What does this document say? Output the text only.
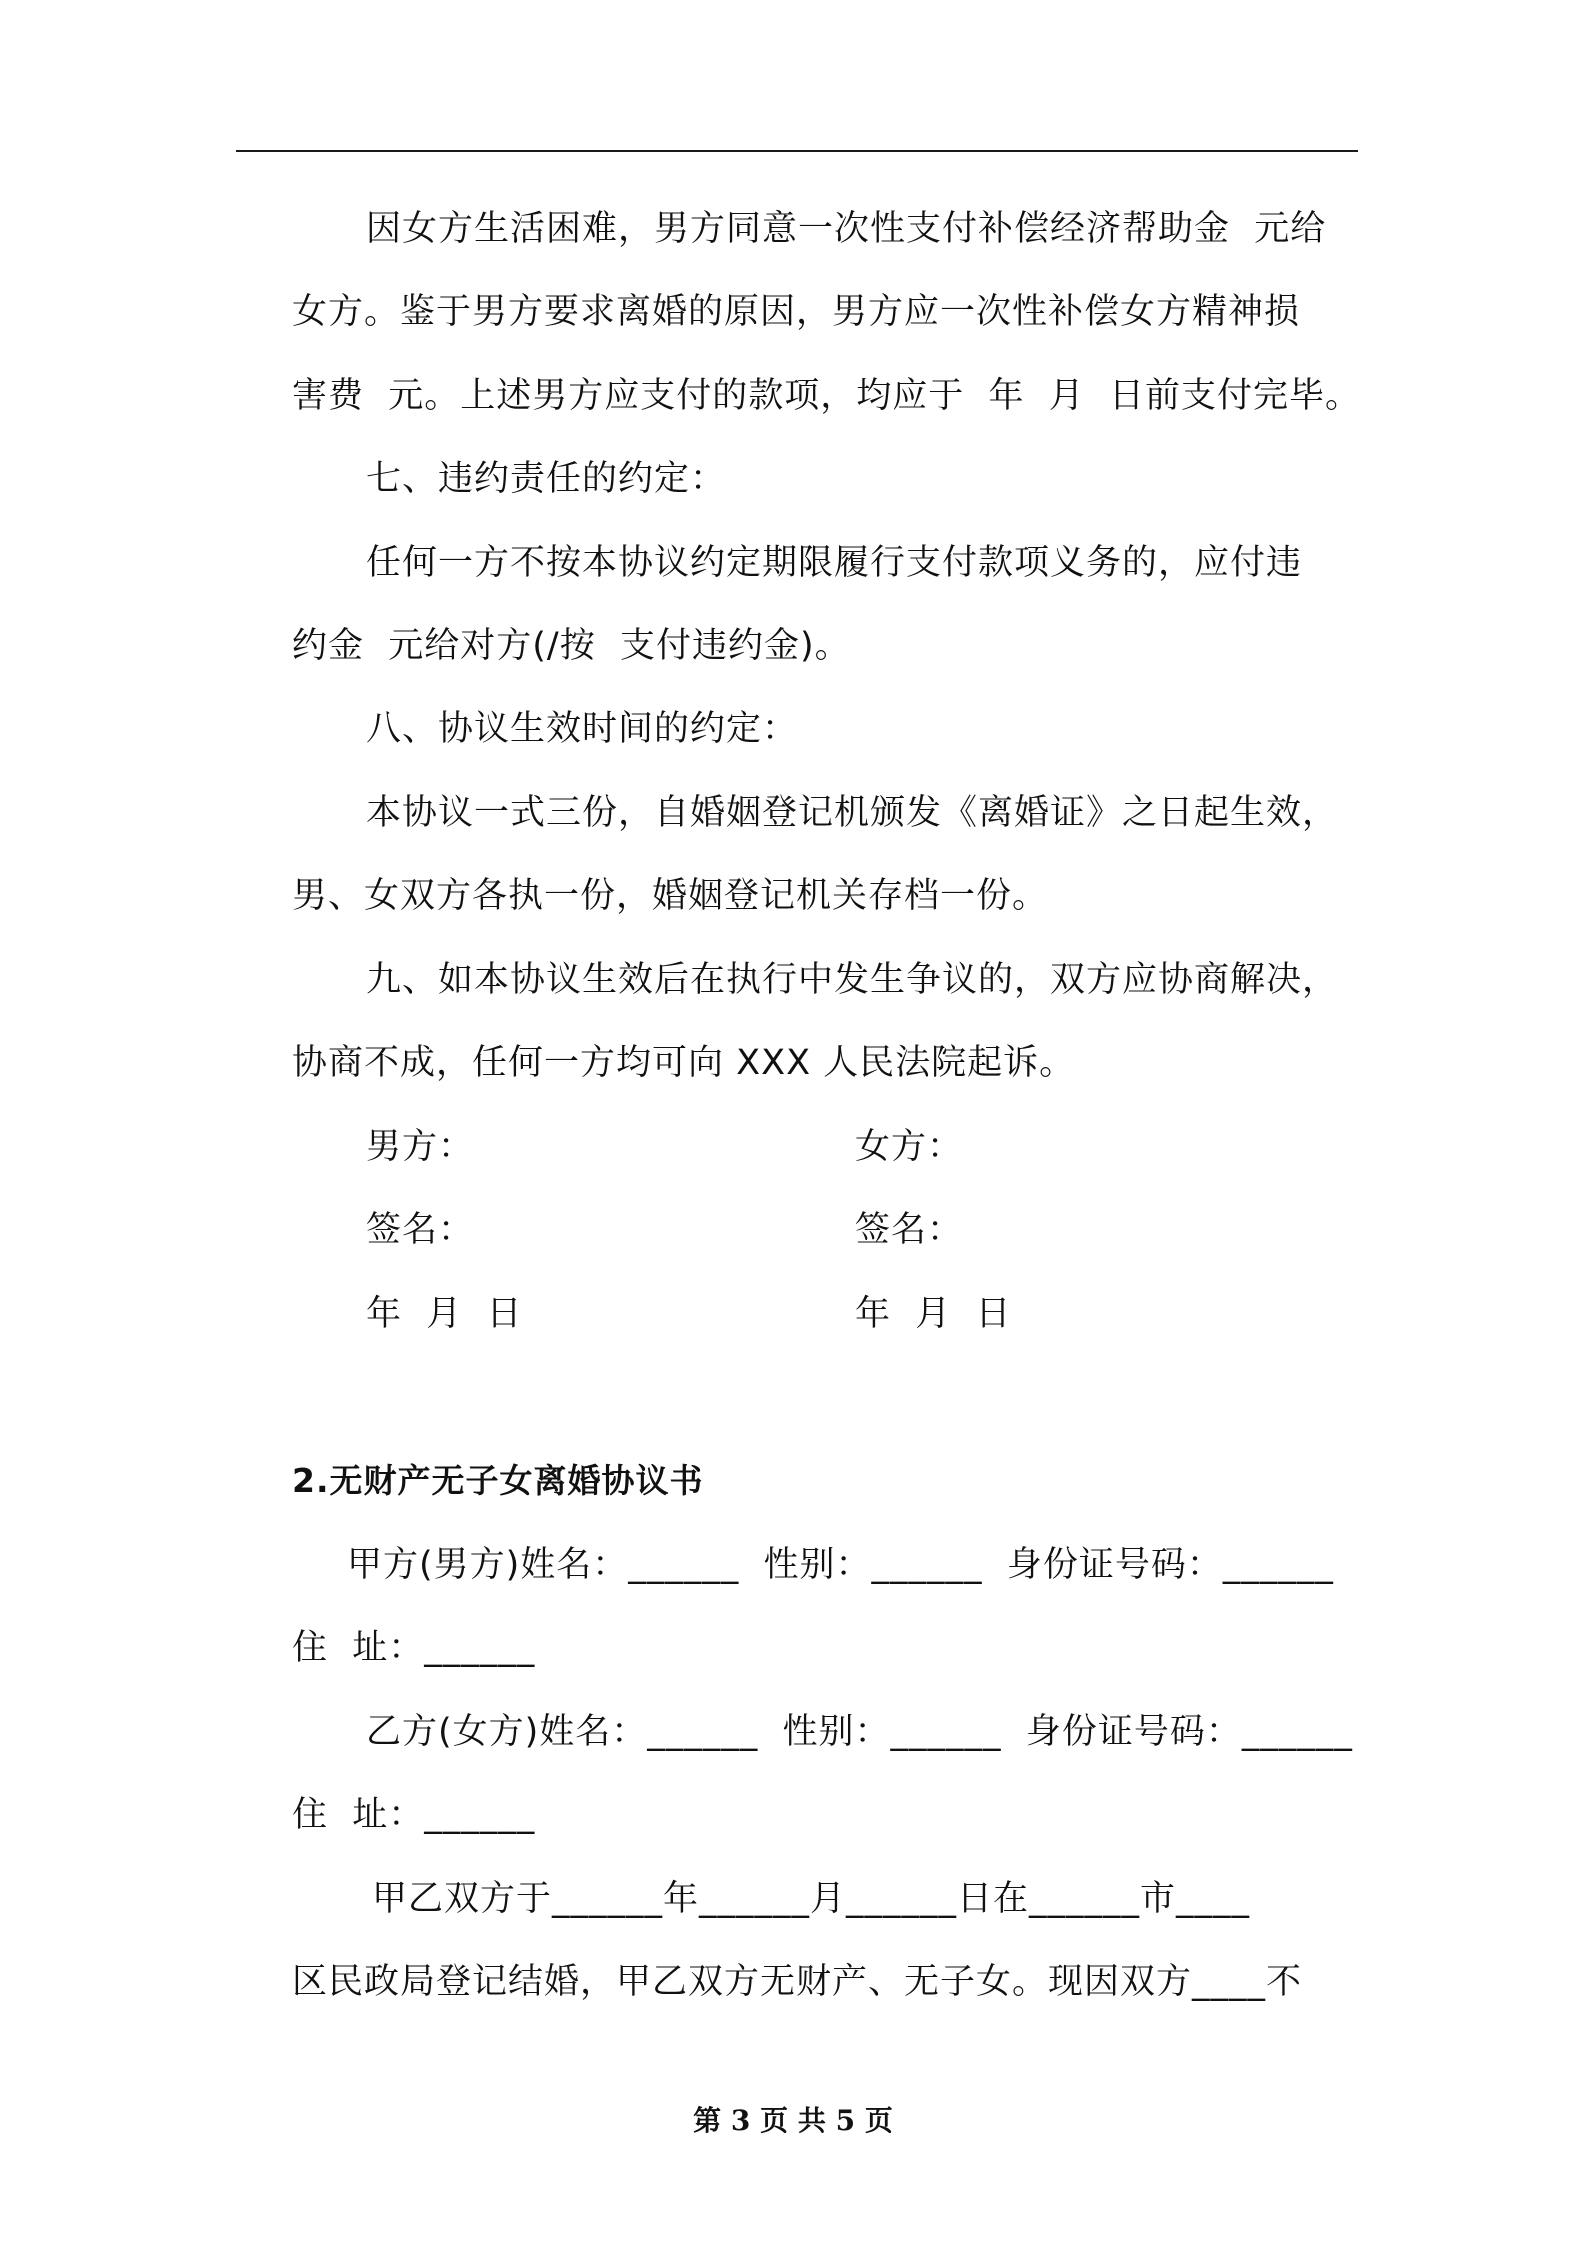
因女方生活困难，男方同意一次性支付补偿经济帮助金  元给
女方。鉴于男方要求离婚的原因，男方应一次性补偿女方精神损
害费  元。上述男方应支付的款项，均应于  年  月  日前支付完毕。
七、违约责任的约定：
任何一方不按本协议约定期限履行支付款项义务的，应付违
约金  元给对方(/按  支付违约金)。
八、协议生效时间的约定：
本协议一式三份，自婚姻登记机颁发《离婚证》之日起生效，
男、女双方各执一份，婚姻登记机关存档一份。
九、如本协议生效后在执行中发生争议的，双方应协商解决，
协商不成，任何一方均可向 XXX 人民法院起诉。
男方：	女方：
签名：	签名：
年  月  日	年  月  日
2.无财产无子女离婚协议书
甲方(男方)姓名：______  性别：______  身份证号码：______
住  址：______
乙方(女方)姓名：______  性别：______  身份证号码：______
住  址：______
甲乙双方于______年______月______日在______市____
区民政局登记结婚，甲乙双方无财产、无子女。现因双方____不
第 3 页 共 5 页
